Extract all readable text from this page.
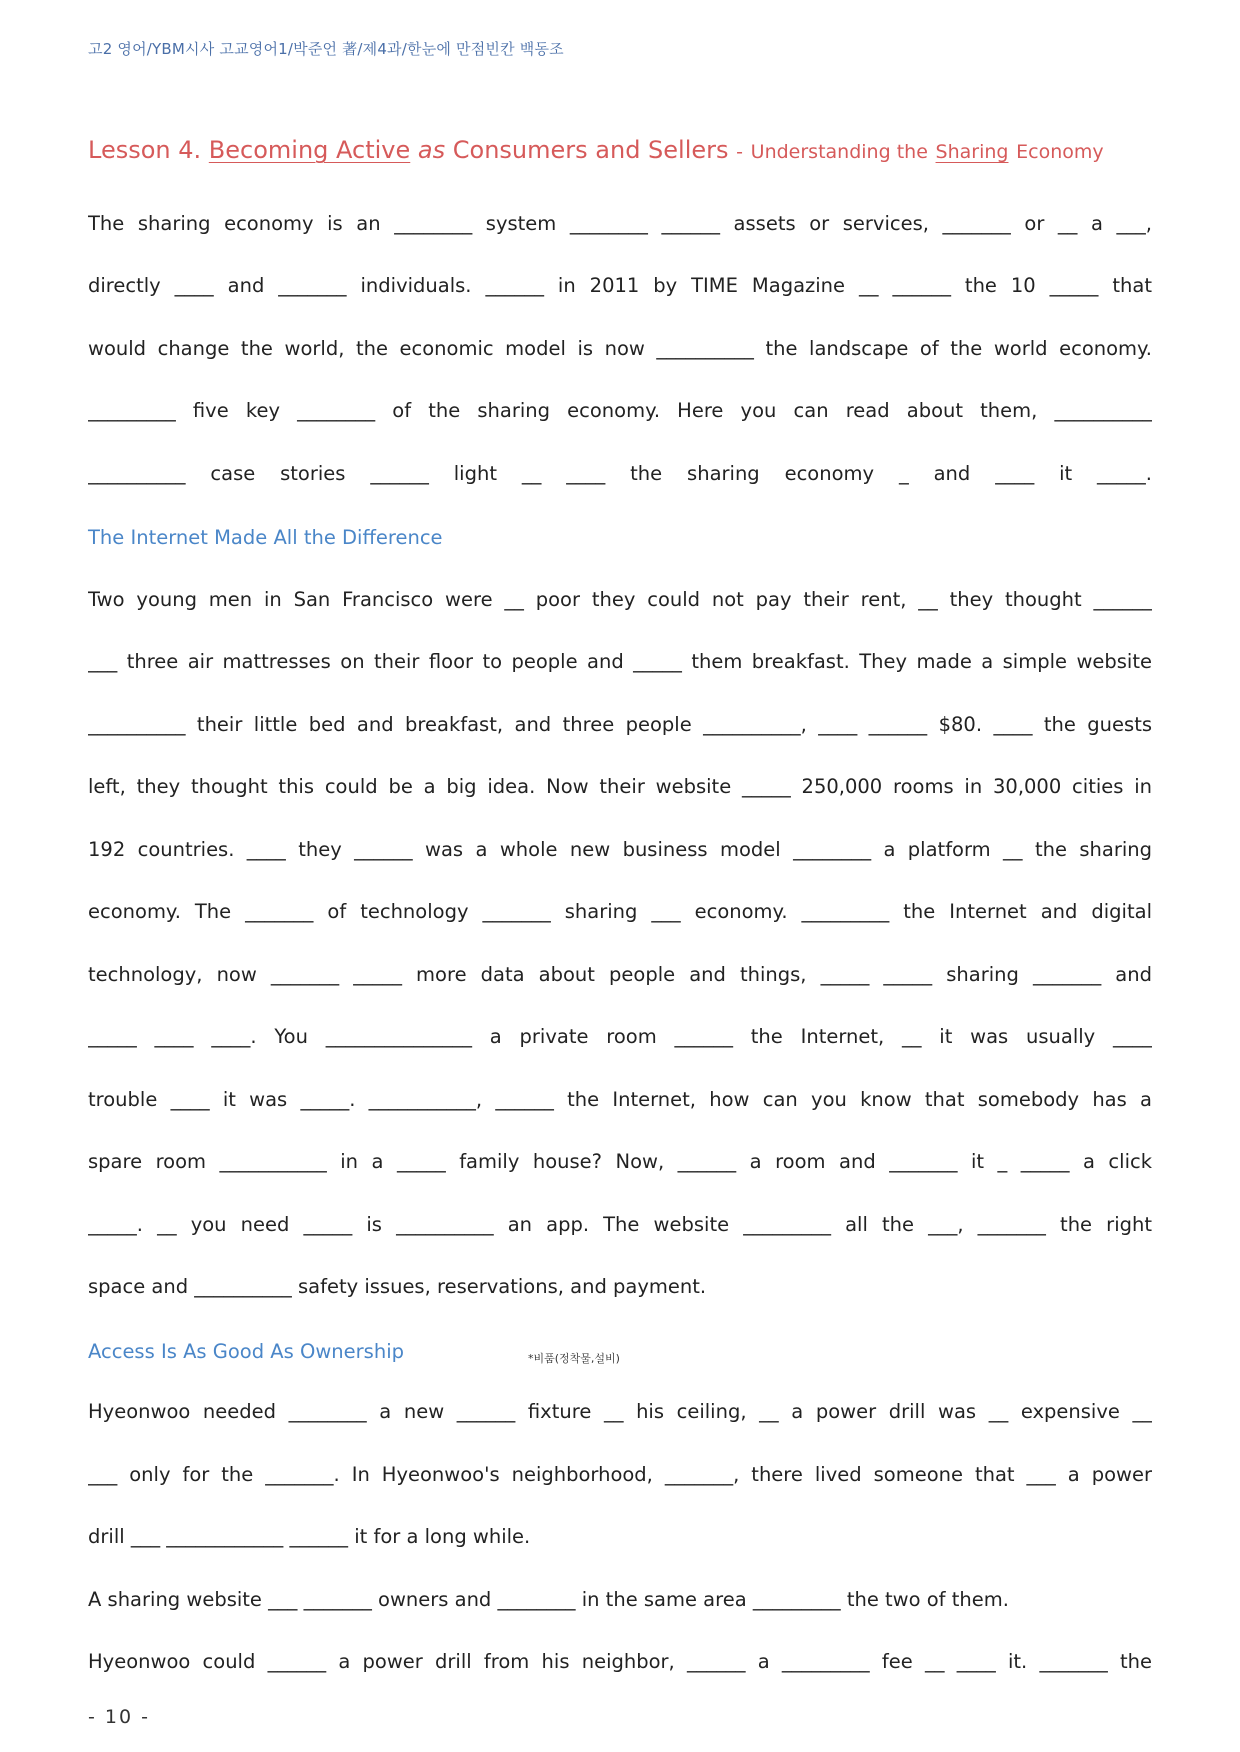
고2 영어/YBM시사 고교영어1/박준언 著/제4과/한눈에 만점빈칸 백동조
Lesson 4. Becoming Active as Consumers and Sellers - Understanding the Sharing Economy
The sharing economy is an ________ system ________ ______ assets or services, _______ or __ a ___,
directly ____ and _______ individuals. ______ in 2011 by TIME Magazine __ ______ the 10 _____ that
would change the world, the economic model is now __________ the landscape of the world economy.
_________ five key ________ of the sharing economy. Here you can read about them, __________
__________ case stories ______ light __ ____ the sharing economy _ and ____ it _____.
The Internet Made All the Difference
Two young men in San Francisco were __ poor they could not pay their rent, __ they thought ______
___ three air mattresses on their floor to people and _____ them breakfast. They made a simple website
__________ their little bed and breakfast, and three people __________, ____ ______ $80. ____ the guests
left, they thought this could be a big idea. Now their website _____ 250,000 rooms in 30,000 cities in
192 countries. ____ they ______ was a whole new business model ________ a platform __ the sharing
economy. The _______ of technology _______ sharing ___ economy. _________ the Internet and digital
technology, now _______ _____ more data about people and things, _____ _____ sharing _______ and
_____ ____ ____. You _______________ a private room ______ the Internet, __ it was usually ____
trouble ____ it was _____. ___________, ______ the Internet, how can you know that somebody has a
spare room ___________ in a _____ family house? Now, ______ a room and _______ it _ _____ a click
_____. __ you need _____ is __________ an app. The website _________ all the ___, _______ the right
space and __________ safety issues, reservations, and payment.
Access Is As Good As Ownership	*비품(정착물,설비)
Hyeonwoo needed ________ a new ______ fixture __ his ceiling, __ a power drill was __ expensive __
___ only for the _______. In Hyeonwoo's neighborhood, _______, there lived someone that ___ a power
drill ___ ____________ ______ it for a long while.
A sharing website ___ _______ owners and ________ in the same area _________ the two of them.
Hyeonwoo could ______ a power drill from his neighbor, ______ a _________ fee __ ____ it. _______ the
- 10 -
